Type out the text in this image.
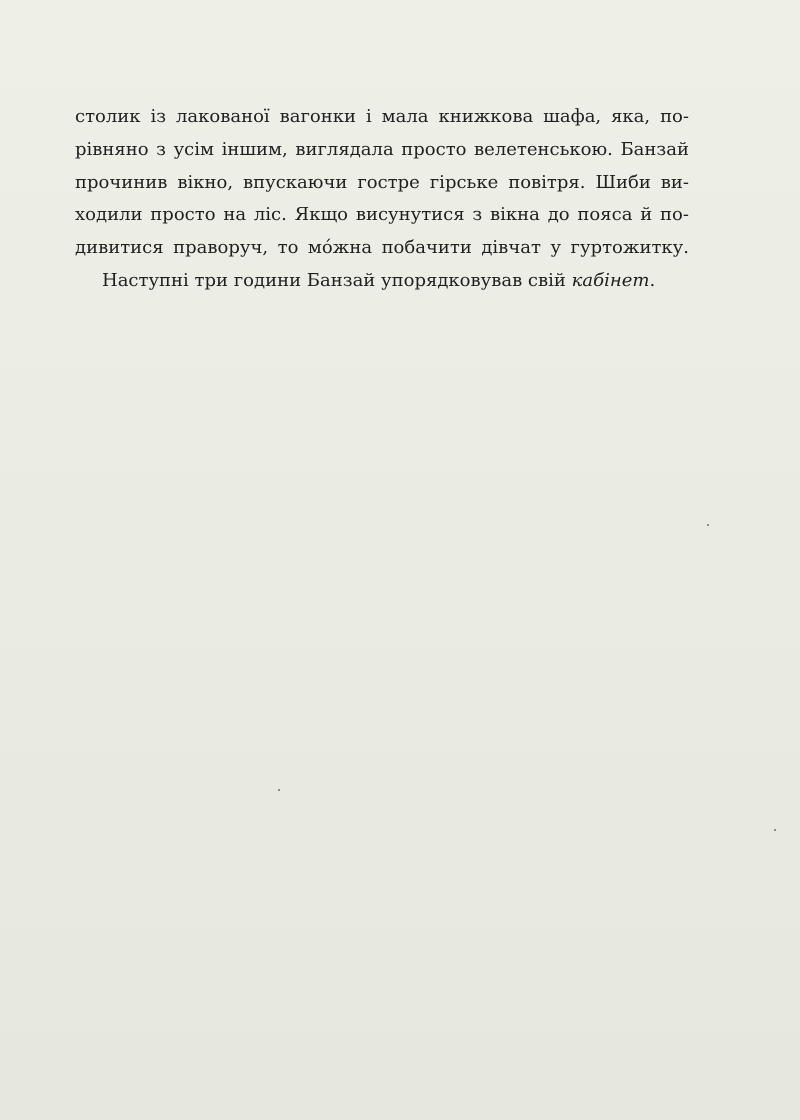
столик із лакованої вагонки і мала книжкова шафа, яка, по-
рівняно з усім іншим, виглядала просто велетенською. Банзай
прочинив вікно, впускаючи гостре гірське повітря. Шиби ви-
ходили просто на ліс. Якщо висунутися з вікна до пояса й по-
дивитися праворуч, то мо́жна побачити дівчат у гуртожитку.
Наступні три години Банзай упорядковував свій кабінет .
